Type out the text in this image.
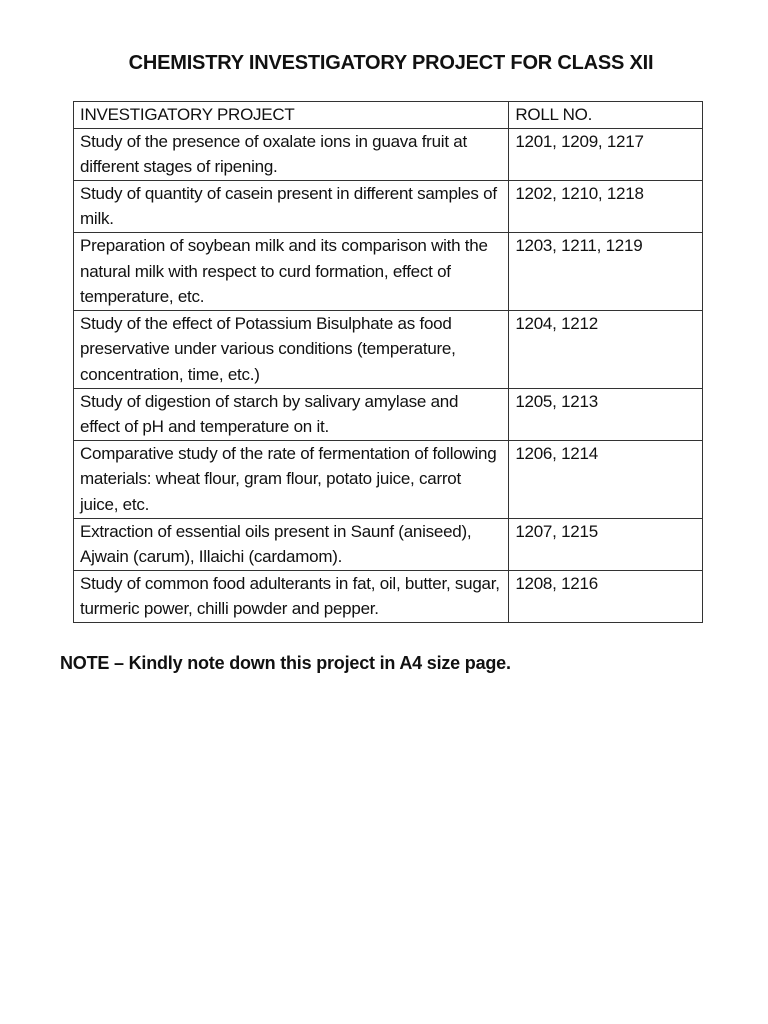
CHEMISTRY INVESTIGATORY PROJECT FOR CLASS XII
INVESTIGATORY PROJECT	ROLL NO.
Study of the presence of oxalate ions in guava fruit at different stages of ripening.	1201, 1209, 1217
Study of quantity of casein present in different samples of milk.	1202, 1210, 1218
Preparation of soybean milk and its comparison with the natural milk with respect to curd formation, effect of temperature, etc.	1203, 1211, 1219
Study of the effect of Potassium Bisulphate as food preservative under various conditions (temperature, concentration, time, etc.)	1204, 1212
Study of digestion of starch by salivary amylase and effect of pH and temperature on it.	1205, 1213
Comparative study of the rate of fermentation of following materials: wheat flour, gram flour, potato juice, carrot juice, etc.	1206, 1214
Extraction of essential oils present in Saunf (aniseed), Ajwain (carum), Illaichi (cardamom).	1207, 1215
Study of common food adulterants in fat, oil, butter, sugar, turmeric power, chilli powder and pepper.	1208, 1216
NOTE – Kindly note down this project in A4 size page.
